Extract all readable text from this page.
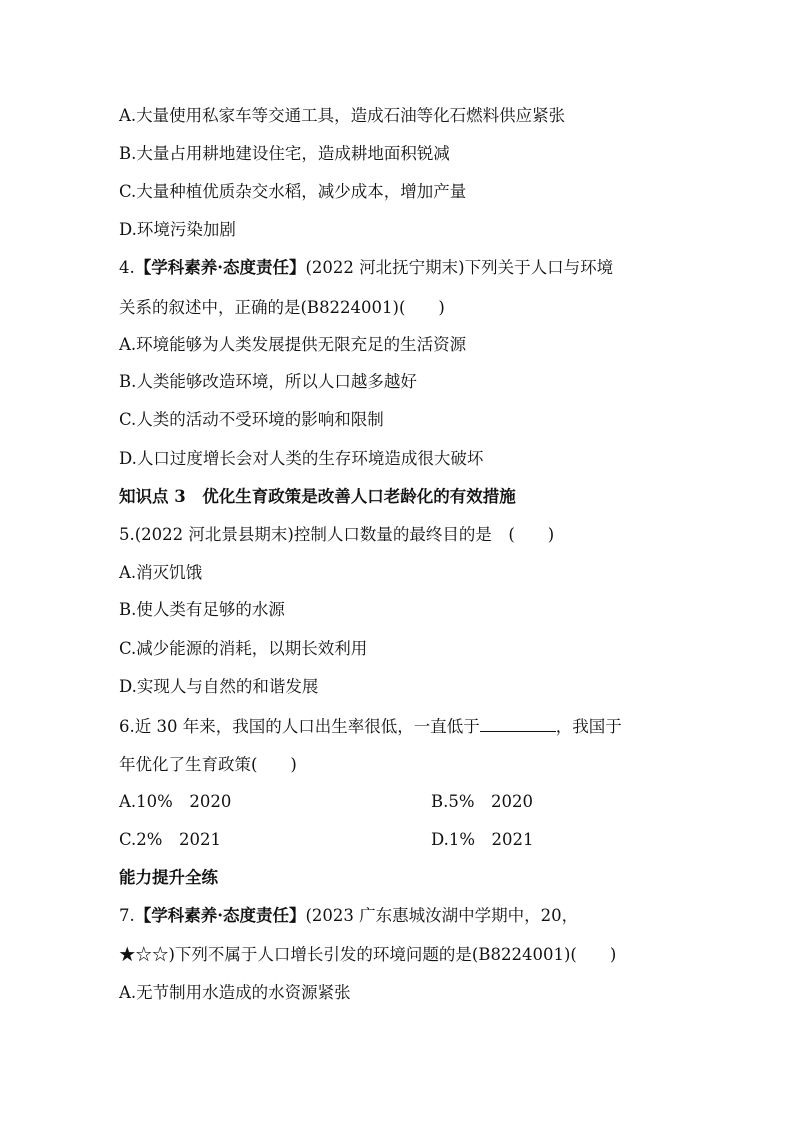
A.大量使用私家车等交通工具，造成石油等化石燃料供应紧张
B.大量占用耕地建设住宅，造成耕地面积锐减
C.大量种植优质杂交水稻，减少成本，增加产量
D.环境污染加剧
4.【学科素养·态度责任】(2022 河北抚宁期末)下列关于人口与环境
关系的叙述中，正确的是(B8224001)(　　)
A.环境能够为人类发展提供无限充足的生活资源
B.人类能够改造环境，所以人口越多越好
C.人类的活动不受环境的影响和限制
D.人口过度增长会对人类的生存环境造成很大破坏
知识点 3　优化生育政策是改善人口老龄化的有效措施
5.(2022 河北景县期末)控制人口数量的最终目的是　(　　)
A.消灭饥饿
B.使人类有足够的水源
C.减少能源的消耗，以期长效利用
D.实现人与自然的和谐发展
6.近 30 年来，我国的人口出生率很低，一直低于	，我国于
年优化了生育政策(　　)
A.10%　2020	B.5%　2020
C.2%　2021	D.1%　2021
能力提升全练
7.【学科素养·态度责任】(2023 广东惠城汝湖中学期中，20，
★☆☆)下列不属于人口增长引发的环境问题的是(B8224001)(　　)
A.无节制用水造成的水资源紧张
